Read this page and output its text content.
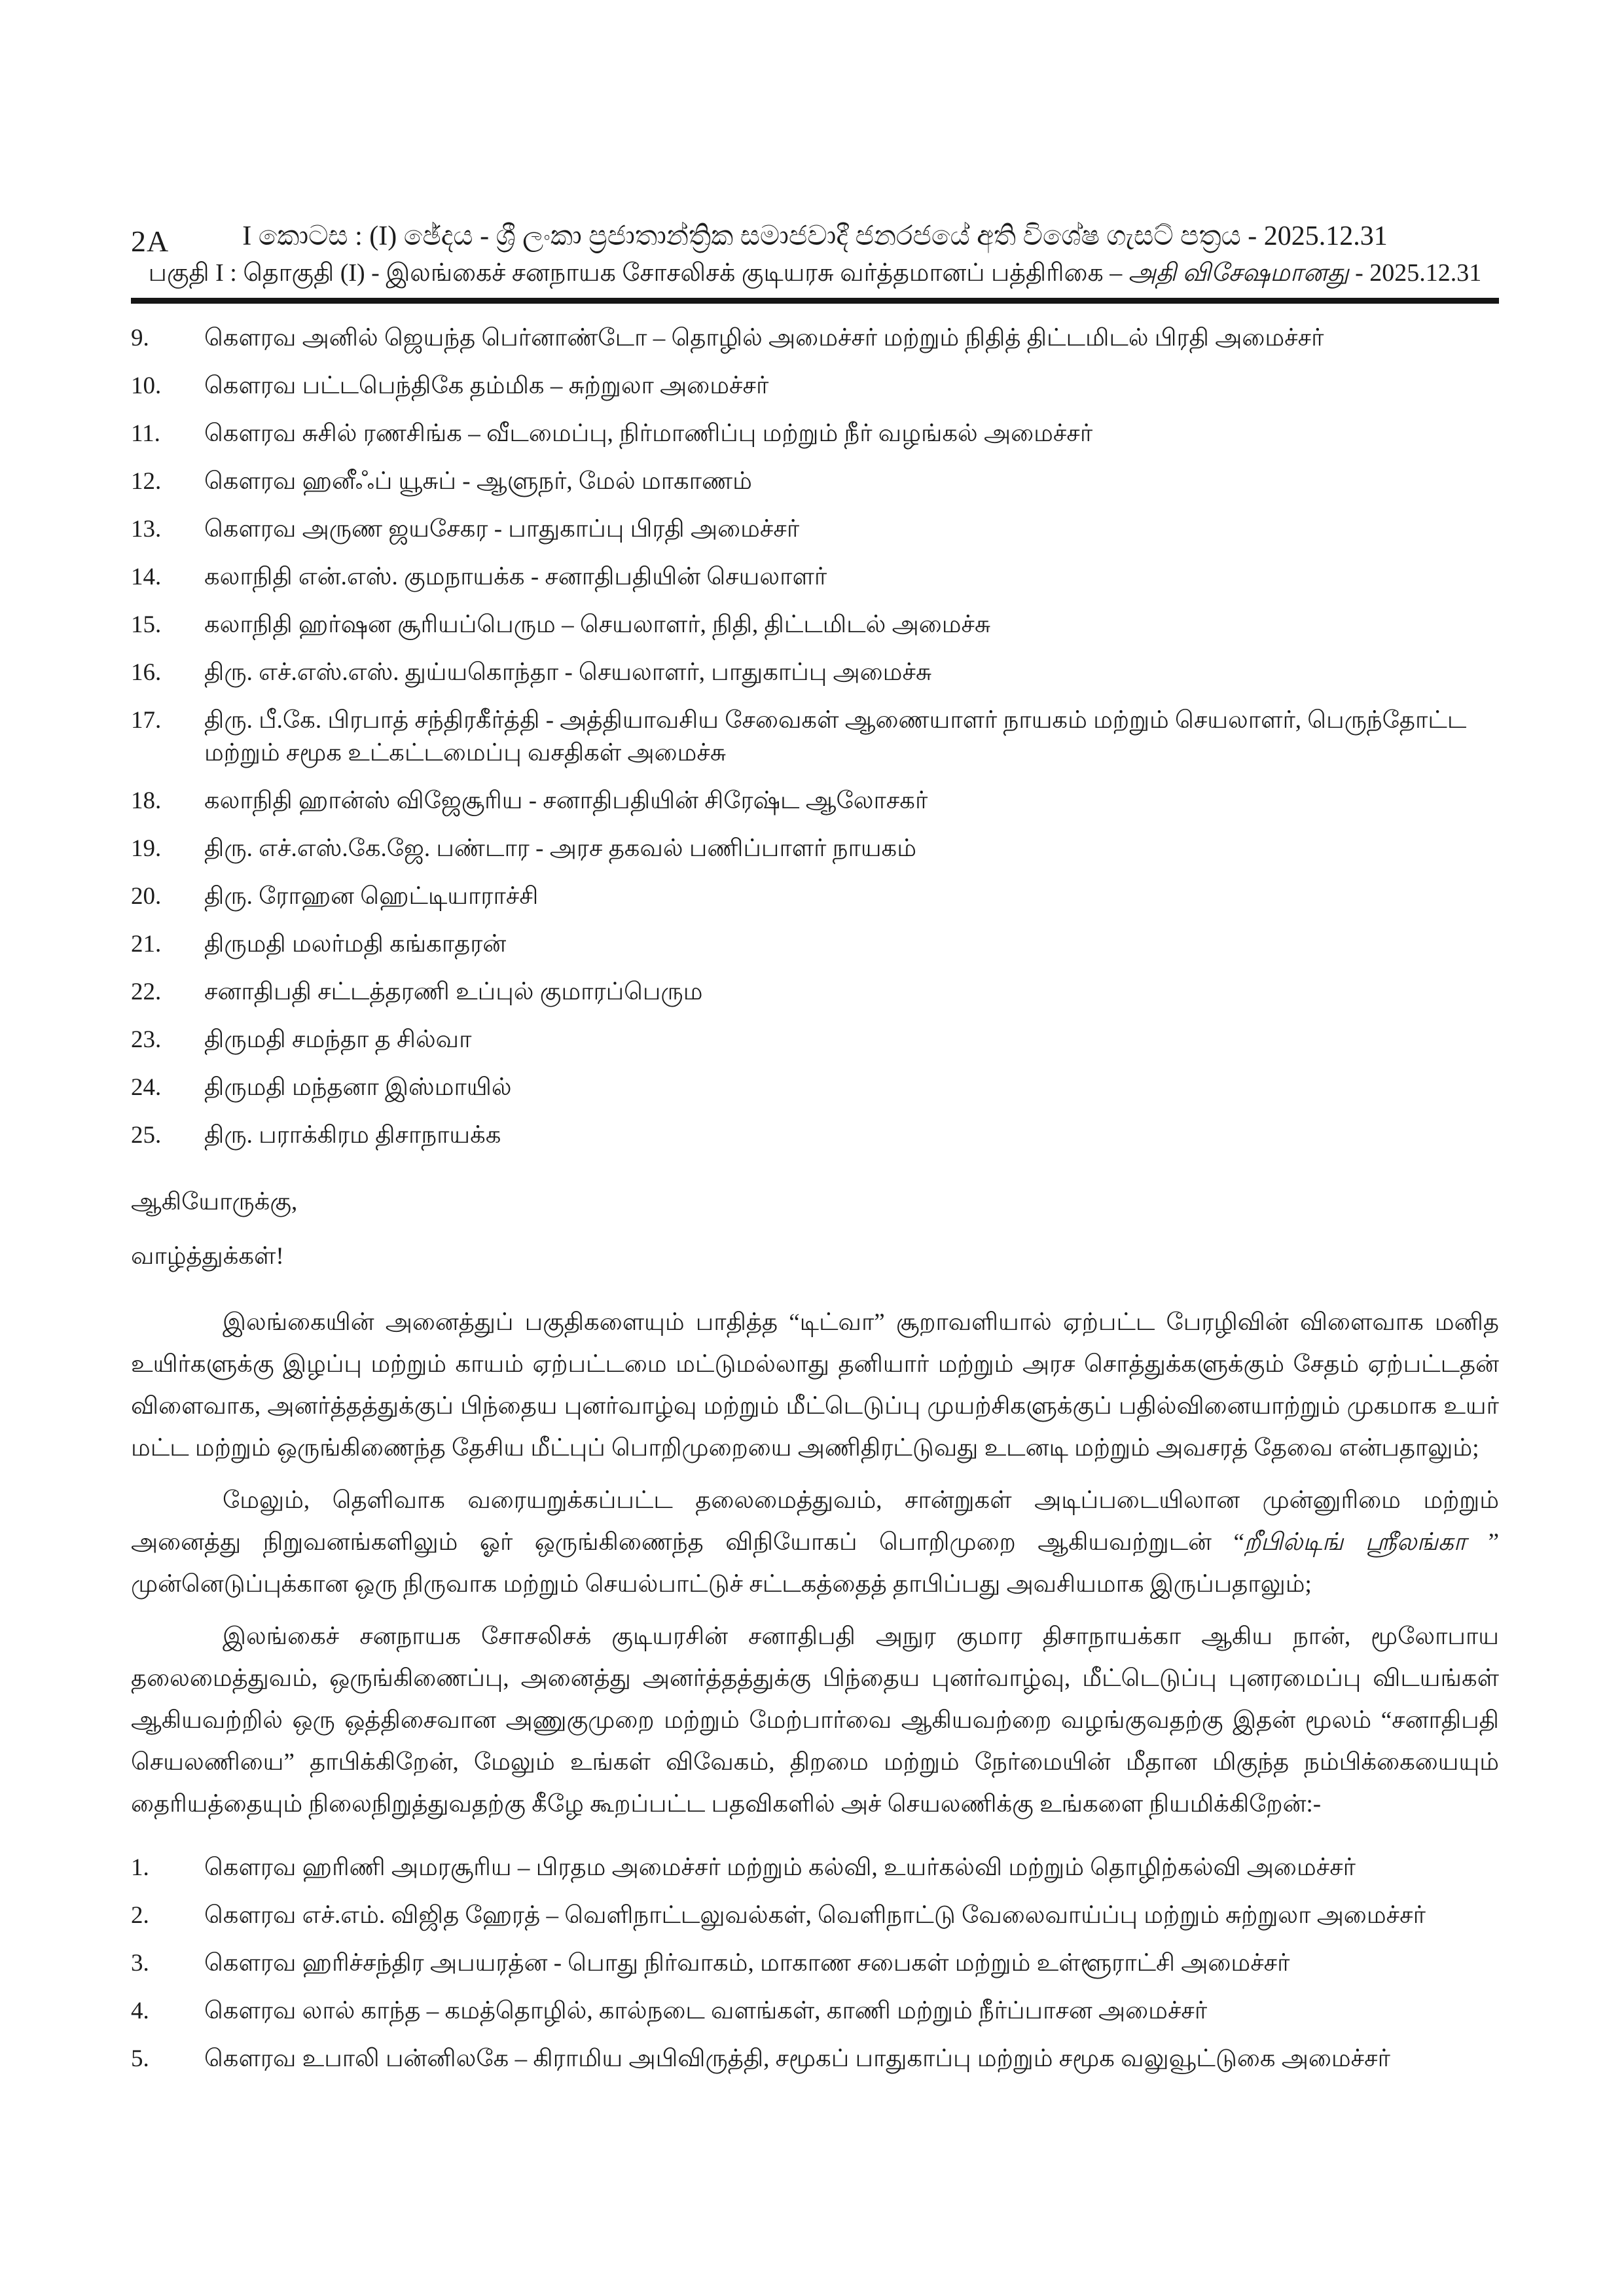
2A	I කොටස : (I) ඡේදය - ශ්‍රී ලංකා ප්‍රජාතාන්ත්‍රික සමාජවාදී ජනරජයේ අති විශේෂ ගැසට් පත්‍රය - 2025.12.31
பகுதி I : தொகுதி (I) - இலங்கைச் சனநாயக சோசலிசக் குடியரசு வர்த்தமானப் பத்திரிகை – அதி விசேஷமானது - 2025.12.31
9.	கௌரவ அனில் ஜெயந்த பெர்னாண்டோ – தொழில் அமைச்சர் மற்றும் நிதித் திட்டமிடல் பிரதி அமைச்சர்
10.	கௌரவ பட்டபெந்திகே தம்மிக – சுற்றுலா அமைச்சர்
11.	கௌரவ சுசில் ரணசிங்க – வீடமைப்பு, நிர்மாணிப்பு மற்றும் நீர் வழங்கல் அமைச்சர்
12.	கௌரவ ஹனீஃப் யூசுப் - ஆளுநர், மேல் மாகாணம்
13.	கௌரவ அருண ஜயசேகர - பாதுகாப்பு பிரதி அமைச்சர்
14.	கலாநிதி என்.எஸ். குமநாயக்க - சனாதிபதியின் செயலாளர்
15.	கலாநிதி ஹர்ஷன சூரியப்பெரும – செயலாளர், நிதி, திட்டமிடல் அமைச்சு
16.	திரு. எச்.எஸ்.எஸ். துய்யகொந்தா - செயலாளர், பாதுகாப்பு அமைச்சு
17.	திரு. பீ.கே. பிரபாத் சந்திரகீர்த்தி - அத்தியாவசிய சேவைகள் ஆணையாளர் நாயகம் மற்றும் செயலாளர், பெருந்தோட்ட மற்றும் சமூக உட்கட்டமைப்பு வசதிகள் அமைச்சு
18.	கலாநிதி ஹான்ஸ் விஜேசூரிய - சனாதிபதியின் சிரேஷ்ட ஆலோசகர்
19.	திரு. எச்.எஸ்.கே.ஜே. பண்டார - அரச தகவல் பணிப்பாளர் நாயகம்
20.	திரு. ரோஹன ஹெட்டியாராச்சி
21.	திருமதி மலர்மதி கங்காதரன்
22.	சனாதிபதி சட்டத்தரணி உப்புல் குமாரப்பெரும
23.	திருமதி சமந்தா த சில்வா
24.	திருமதி மந்தனா இஸ்மாயில்
25.	திரு. பராக்கிரம திசாநாயக்க
ஆகியோருக்கு,
வாழ்த்துக்கள்!

இலங்கையின் அனைத்துப் பகுதிகளையும் பாதித்த “டிட்வா” சூறாவளியால் ஏற்பட்ட பேரழிவின் விளைவாக மனித உயிர்களுக்கு இழப்பு மற்றும் காயம் ஏற்பட்டமை மட்டுமல்லாது தனியார் மற்றும் அரச சொத்துக்களுக்கும் சேதம் ஏற்பட்டதன் விளைவாக, அனர்த்தத்துக்குப் பிந்தைய புனர்வாழ்வு மற்றும் மீட்டெடுப்பு முயற்சிகளுக்குப் பதில்வினையாற்றும் முகமாக உயர் மட்ட மற்றும் ஒருங்கிணைந்த தேசிய மீட்புப் பொறிமுறையை அணிதிரட்டுவது உடனடி மற்றும் அவசரத் தேவை என்பதாலும்;

மேலும், தெளிவாக வரையறுக்கப்பட்ட தலைமைத்துவம், சான்றுகள் அடிப்படையிலான முன்னுரிமை மற்றும் அனைத்து நிறுவனங்களிலும் ஓர் ஒருங்கிணைந்த விநியோகப் பொறிமுறை ஆகியவற்றுடன் “றீபில்டிங் ஸ்ரீலங்கா ” முன்னெடுப்புக்கான ஒரு நிருவாக மற்றும் செயல்பாட்டுச் சட்டகத்தைத் தாபிப்பது அவசியமாக இருப்பதாலும்;

இலங்கைச் சனநாயக சோசலிசக் குடியரசின் சனாதிபதி அநுர குமார திசாநாயக்கா ஆகிய நான், மூலோபாய தலைமைத்துவம், ஒருங்கிணைப்பு, அனைத்து அனர்த்தத்துக்கு பிந்தைய புனர்வாழ்வு, மீட்டெடுப்பு புனரமைப்பு விடயங்கள் ஆகியவற்றில் ஒரு ஒத்திசைவான அணுகுமுறை மற்றும் மேற்பார்வை ஆகியவற்றை வழங்குவதற்கு இதன் மூலம் “சனாதிபதி செயலணியை” தாபிக்கிறேன், மேலும் உங்கள் விவேகம், திறமை மற்றும் நேர்மையின் மீதான மிகுந்த நம்பிக்கையையும் தைரியத்தையும் நிலைநிறுத்துவதற்கு கீழே கூறப்பட்ட பதவிகளில் அச் செயலணிக்கு உங்களை நியமிக்கிறேன்:-

1.	கௌரவ ஹரிணி அமரசூரிய – பிரதம அமைச்சர் மற்றும் கல்வி, உயர்கல்வி மற்றும் தொழிற்கல்வி அமைச்சர்
2.	கௌரவ எச்.எம். விஜித ஹேரத் – வெளிநாட்டலுவல்கள், வெளிநாட்டு வேலைவாய்ப்பு மற்றும் சுற்றுலா அமைச்சர்
3.	கௌரவ ஹரிச்சந்திர அபயரத்ன - பொது நிர்வாகம், மாகாண சபைகள் மற்றும் உள்ளூராட்சி அமைச்சர்
4.	கௌரவ லால் காந்த – கமத்தொழில், கால்நடை வளங்கள், காணி மற்றும் நீர்ப்பாசன அமைச்சர்
5.	கௌரவ உபாலி பன்னிலகே – கிராமிய அபிவிருத்தி, சமூகப் பாதுகாப்பு மற்றும் சமூக வலுவூட்டுகை அமைச்சர்
